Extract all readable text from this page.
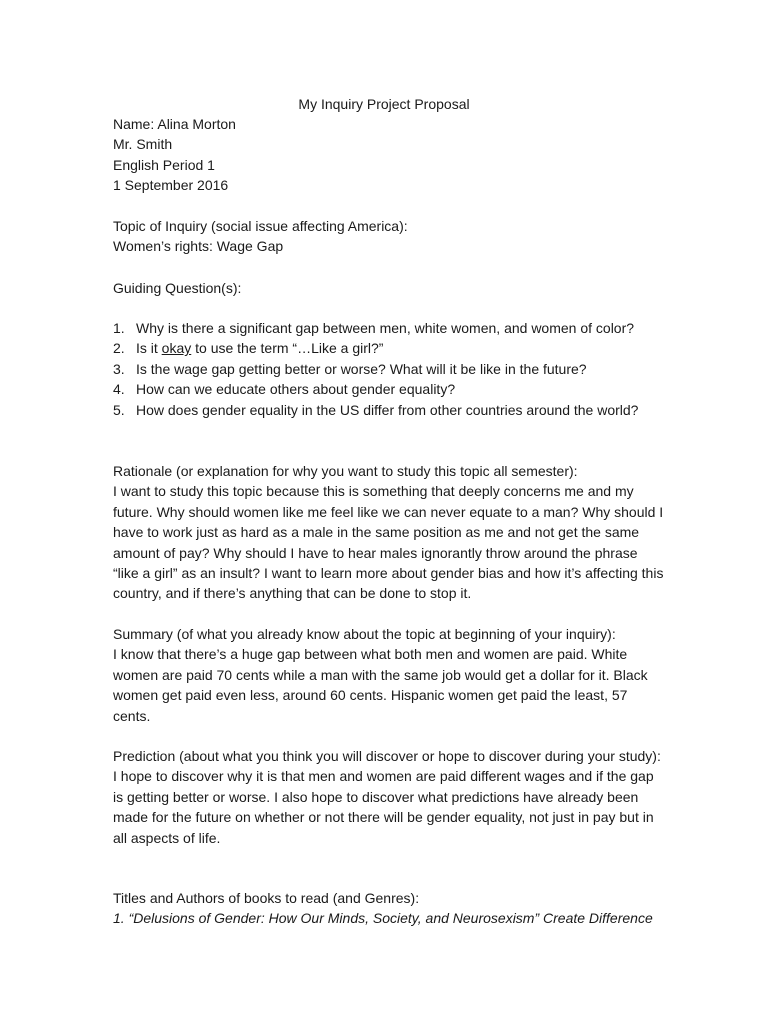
My Inquiry Project Proposal
Name: Alina Morton
Mr. Smith
English Period 1
1 September 2016
Topic of Inquiry (social issue affecting America):
Women’s rights: Wage Gap
Guiding Question(s):
1. Why is there a significant gap between men, white women, and women of color?
2. Is it okay to use the term “…Like a girl?”
3. Is the wage gap getting better or worse? What will it be like in the future?
4. How can we educate others about gender equality?
5. How does gender equality in the US differ from other countries around the world?
Rationale (or explanation for why you want to study this topic all semester):
I want to study this topic because this is something that deeply concerns me and my
future. Why should women like me feel like we can never equate to a man? Why should I
have to work just as hard as a male in the same position as me and not get the same
amount of pay? Why should I have to hear males ignorantly throw around the phrase
“like a girl” as an insult? I want to learn more about gender bias and how it’s affecting this
country, and if there’s anything that can be done to stop it.
Summary (of what you already know about the topic at beginning of your inquiry):
I know that there’s a huge gap between what both men and women are paid. White
women are paid 70 cents while a man with the same job would get a dollar for it. Black
women get paid even less, around 60 cents. Hispanic women get paid the least, 57
cents.
Prediction (about what you think you will discover or hope to discover during your study):
I hope to discover why it is that men and women are paid different wages and if the gap
is getting better or worse. I also hope to discover what predictions have already been
made for the future on whether or not there will be gender equality, not just in pay but in
all aspects of life.
Titles and Authors of books to read (and Genres):
1. “Delusions of Gender: How Our Minds, Society, and Neurosexism” Create Difference
